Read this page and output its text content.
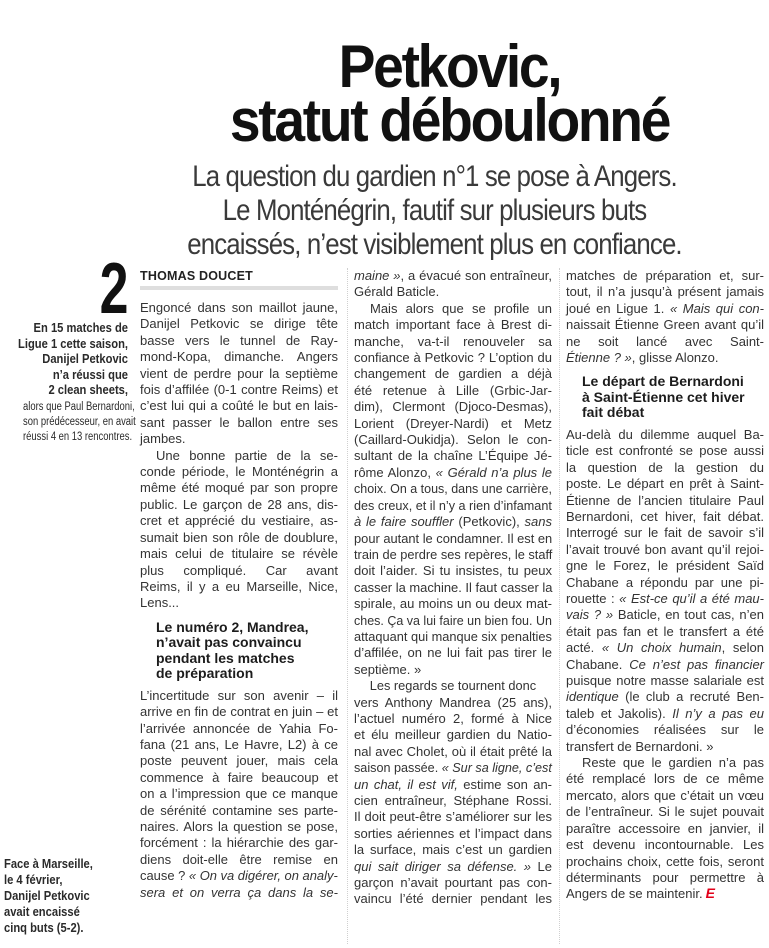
Petkovic,
statut déboulonné
La question du gardien n°1 se pose à Angers.
Le Monténégrin, fautif sur plusieurs buts
encaissés, n’est visiblement plus en confiance.
2
En 15 matches de
Ligue 1 cette saison,
Danijel Petkovic
n’a réussi que
2 clean sheets,
alors que Paul Bernardoni,
son prédécesseur, en avait
réussi 4 en 13 rencontres.
Face à Marseille,
le 4 février,
Danijel Petkovic
avait encaissé
cinq buts (5-2).
THOMAS DOUCET
Engoncé dans son maillot jaune,
Danijel Petkovic se dirige tête
basse vers le tunnel de Ray-
mond-Kopa, dimanche. Angers
vient de perdre pour la septième
fois d’affilée (0-1 contre Reims) et
c’est lui qui a coûté le but en lais-
sant passer le ballon entre ses
jambes.
Une bonne partie de la se-
conde période, le Monténégrin a
même été moqué par son propre
public. Le garçon de 28 ans, dis-
cret et apprécié du vestiaire, as-
sumait bien son rôle de doublure,
mais celui de titulaire se révèle
plus compliqué. Car avant
Reims, il y a eu Marseille, Nice,
Lens...
Le numéro 2, Mandrea,
n’avait pas convaincu
pendant les matches
de préparation
L’incertitude sur son avenir – il
arrive en fin de contrat en juin – et
l’arrivée annoncée de Yahia Fo-
fana (21 ans, Le Havre, L2) à ce
poste peuvent jouer, mais cela
commence à faire beaucoup et
on a l’impression que ce manque
de sérénité contamine ses parte-
naires. Alors la question se pose,
forcément : la hiérarchie des gar-
diens doit-elle être remise en
cause ? « On va digérer, on analy-
sera et on verra ça dans la se-
maine », a évacué son entraîneur,
Gérald Baticle.
Mais alors que se profile un
match important face à Brest di-
manche, va-t-il renouveler sa
confiance à Petkovic ? L’option du
changement de gardien a déjà
été retenue à Lille (Grbic-Jar-
dim), Clermont (Djoco-Desmas),
Lorient (Dreyer-Nardi) et Metz
(Caillard-Oukidja). Selon le con-
sultant de la chaîne L’Équipe Jé-
rôme Alonzo, « Gérald n’a plus le
choix. On a tous, dans une carrière,
des creux, et il n’y a rien d’infamant
à le faire souffler (Petkovic), sans
pour autant le condamner. Il est en
train de perdre ses repères, le staff
doit l’aider. Si tu insistes, tu peux
casser la machine. Il faut casser la
spirale, au moins un ou deux mat-
ches. Ça va lui faire un bien fou. Un
attaquant qui manque six penalties
d’affilée, on ne lui fait pas tirer le
septième. »
Les regards se tournent donc
vers Anthony Mandrea (25 ans),
l’actuel numéro 2, formé à Nice
et élu meilleur gardien du Natio-
nal avec Cholet, où il était prêté la
saison passée. « Sur sa ligne, c’est
un chat, il est vif, estime son an-
cien entraîneur, Stéphane Rossi.
Il doit peut-être s’améliorer sur les
sorties aériennes et l’impact dans
la surface, mais c’est un gardien
qui sait diriger sa défense. » Le
garçon n’avait pourtant pas con-
vaincu l’été dernier pendant les
matches de préparation et, sur-
tout, il n’a jusqu’à présent jamais
joué en Ligue 1. « Mais qui con-
naissait Étienne Green avant qu’il
ne soit lancé avec Saint-
Étienne ? », glisse Alonzo.
Le départ de Bernardoni
à Saint-Étienne cet hiver
fait débat
Au-delà du dilemme auquel Ba-
ticle est confronté se pose aussi
la question de la gestion du
poste. Le départ en prêt à Saint-
Étienne de l’ancien titulaire Paul
Bernardoni, cet hiver, fait débat.
Interrogé sur le fait de savoir s’il
l’avait trouvé bon avant qu’il rejoi-
gne le Forez, le président Saïd
Chabane a répondu par une pi-
rouette : « Est-ce qu’il a été mau-
vais ? » Baticle, en tout cas, n’en
était pas fan et le transfert a été
acté. « Un choix humain, selon
Chabane. Ce n’est pas financier
puisque notre masse salariale est
identique (le club a recruté Ben-
taleb et Jakolis). Il n’y a pas eu
d’économies réalisées sur le
transfert de Bernardoni. »
Reste que le gardien n’a pas
été remplacé lors de ce même
mercato, alors que c’était un vœu
de l’entraîneur. Si le sujet pouvait
paraître accessoire en janvier, il
est devenu incontournable. Les
prochains choix, cette fois, seront
déterminants pour permettre à
Angers de se maintenir. E
